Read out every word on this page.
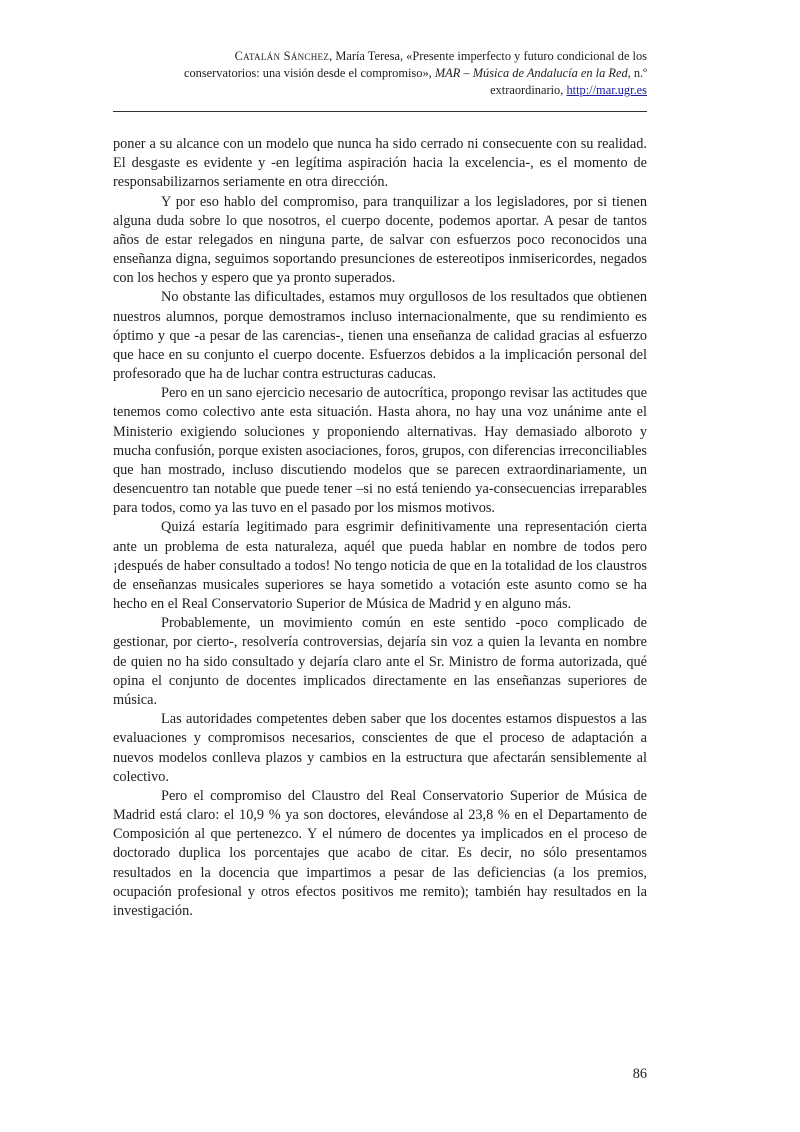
Catalán Sánchez, María Teresa, «Presente imperfecto y futuro condicional de los
conservatorios: una visión desde el compromiso», MAR – Música de Andalucía en la Red, n.º
extraordinario, http://mar.ugr.es

poner a su alcance con un modelo que nunca ha sido cerrado ni consecuente con su realidad. El desgaste es evidente y -en legítima aspiración hacia la excelencia-, es el momento de responsabilizarnos seriamente en otra dirección.

Y por eso hablo del compromiso, para tranquilizar a los legisladores, por si tienen alguna duda sobre lo que nosotros, el cuerpo docente, podemos aportar. A pesar de tantos años de estar relegados en ninguna parte, de salvar con esfuerzos poco reconocidos una enseñanza digna, seguimos soportando presunciones de estereotipos inmisericordes, negados con los hechos y espero que ya pronto superados.

No obstante las dificultades, estamos muy orgullosos de los resultados que obtienen nuestros alumnos, porque demostramos incluso internacionalmente, que su rendimiento es óptimo y que -a pesar de las carencias-, tienen una enseñanza de calidad gracias al esfuerzo que hace en su conjunto el cuerpo docente. Esfuerzos debidos a la implicación personal del profesorado que ha de luchar contra estructuras caducas.

Pero en un sano ejercicio necesario de autocrítica, propongo revisar las actitudes que tenemos como colectivo ante esta situación. Hasta ahora, no hay una voz unánime ante el Ministerio exigiendo soluciones y proponiendo alternativas. Hay demasiado alboroto y mucha confusión, porque existen asociaciones, foros, grupos, con diferencias irreconciliables que han mostrado, incluso discutiendo modelos que se parecen extraordinariamente, un desencuentro tan notable que puede tener –si no está teniendo ya-consecuencias irreparables para todos, como ya las tuvo en el pasado por los mismos motivos.

Quizá estaría legitimado para esgrimir definitivamente una representación cierta ante un problema de esta naturaleza, aquél que pueda hablar en nombre de todos pero ¡después de haber consultado a todos! No tengo noticia de que en la totalidad de los claustros de enseñanzas musicales superiores se haya sometido a votación este asunto como se ha hecho en el Real Conservatorio Superior de Música de Madrid y en alguno más.

Probablemente, un movimiento común en este sentido -poco complicado de gestionar, por cierto-, resolvería controversias, dejaría sin voz a quien la levanta en nombre de quien no ha sido consultado y dejaría claro ante el Sr. Ministro de forma autorizada, qué opina el conjunto de docentes implicados directamente en las enseñanzas superiores de música.

Las autoridades competentes deben saber que los docentes estamos dispuestos a las evaluaciones y compromisos necesarios, conscientes de que el proceso de adaptación a nuevos modelos conlleva plazos y cambios en la estructura que afectarán sensiblemente al colectivo.

Pero el compromiso del Claustro del Real Conservatorio Superior de Música de Madrid está claro: el 10,9 % ya son doctores, elevándose al 23,8 % en el Departamento de Composición al que pertenezco. Y el número de docentes ya implicados en el proceso de doctorado duplica los porcentajes que acabo de citar. Es decir, no sólo presentamos resultados en la docencia que impartimos a pesar de las deficiencias (a los premios, ocupación profesional y otros efectos positivos me remito); también hay resultados en la investigación.

86
